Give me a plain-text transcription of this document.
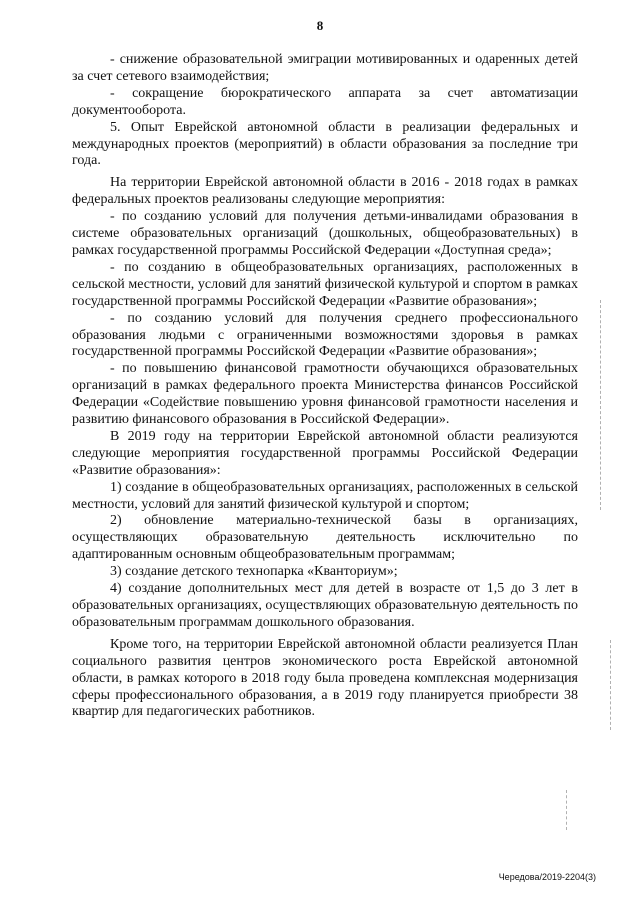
8

- снижение образовательной эмиграции мотивированных и одаренных детей за счет сетевого взаимодействия;

- сокращение бюрократического аппарата за счет автоматизации документооборота.

5. Опыт Еврейской автономной области в реализации федеральных и международных проектов (мероприятий) в области образования за последние три года.

На территории Еврейской автономной области в 2016 - 2018 годах в рамках федеральных проектов реализованы следующие мероприятия:

- по созданию условий для получения детьми-инвалидами образования в системе образовательных организаций (дошкольных, общеобразовательных) в рамках государственной программы Российской Федерации «Доступная среда»;

- по созданию в общеобразовательных организациях, расположенных в сельской местности, условий для занятий физической культурой и спортом в рамках государственной программы Российской Федерации «Развитие образования»;

- по созданию условий для получения среднего профессионального образования людьми с ограниченными возможностями здоровья в рамках государственной программы Российской Федерации «Развитие образования»;

- по повышению финансовой грамотности обучающихся образовательных организаций в рамках федерального проекта Министерства финансов Российской Федерации «Содействие повышению уровня финансовой грамотности населения и развитию финансового образования в Российской Федерации».

В 2019 году на территории Еврейской автономной области реализуются следующие мероприятия государственной программы Российской Федерации «Развитие образования»:

1) создание в общеобразовательных организациях, расположенных в сельской местности, условий для занятий физической культурой и спортом;

2) обновление материально-технической базы в организациях, осуществляющих образовательную деятельность исключительно по адаптированным основным общеобразовательным программам;

3) создание детского технопарка «Кванториум»;

4) создание дополнительных мест для детей в возрасте от 1,5 до 3 лет в образовательных организациях, осуществляющих образовательную деятельность по образовательным программам дошкольного образования.

Кроме того, на территории Еврейской автономной области реализуется План социального развития центров экономического роста Еврейской автономной области, в рамках которого в 2018 году была проведена комплексная модернизация сферы профессионального образования, а в 2019 году планируется приобрести 38 квартир для педагогических работников.

Чередова/2019-2204(3)
